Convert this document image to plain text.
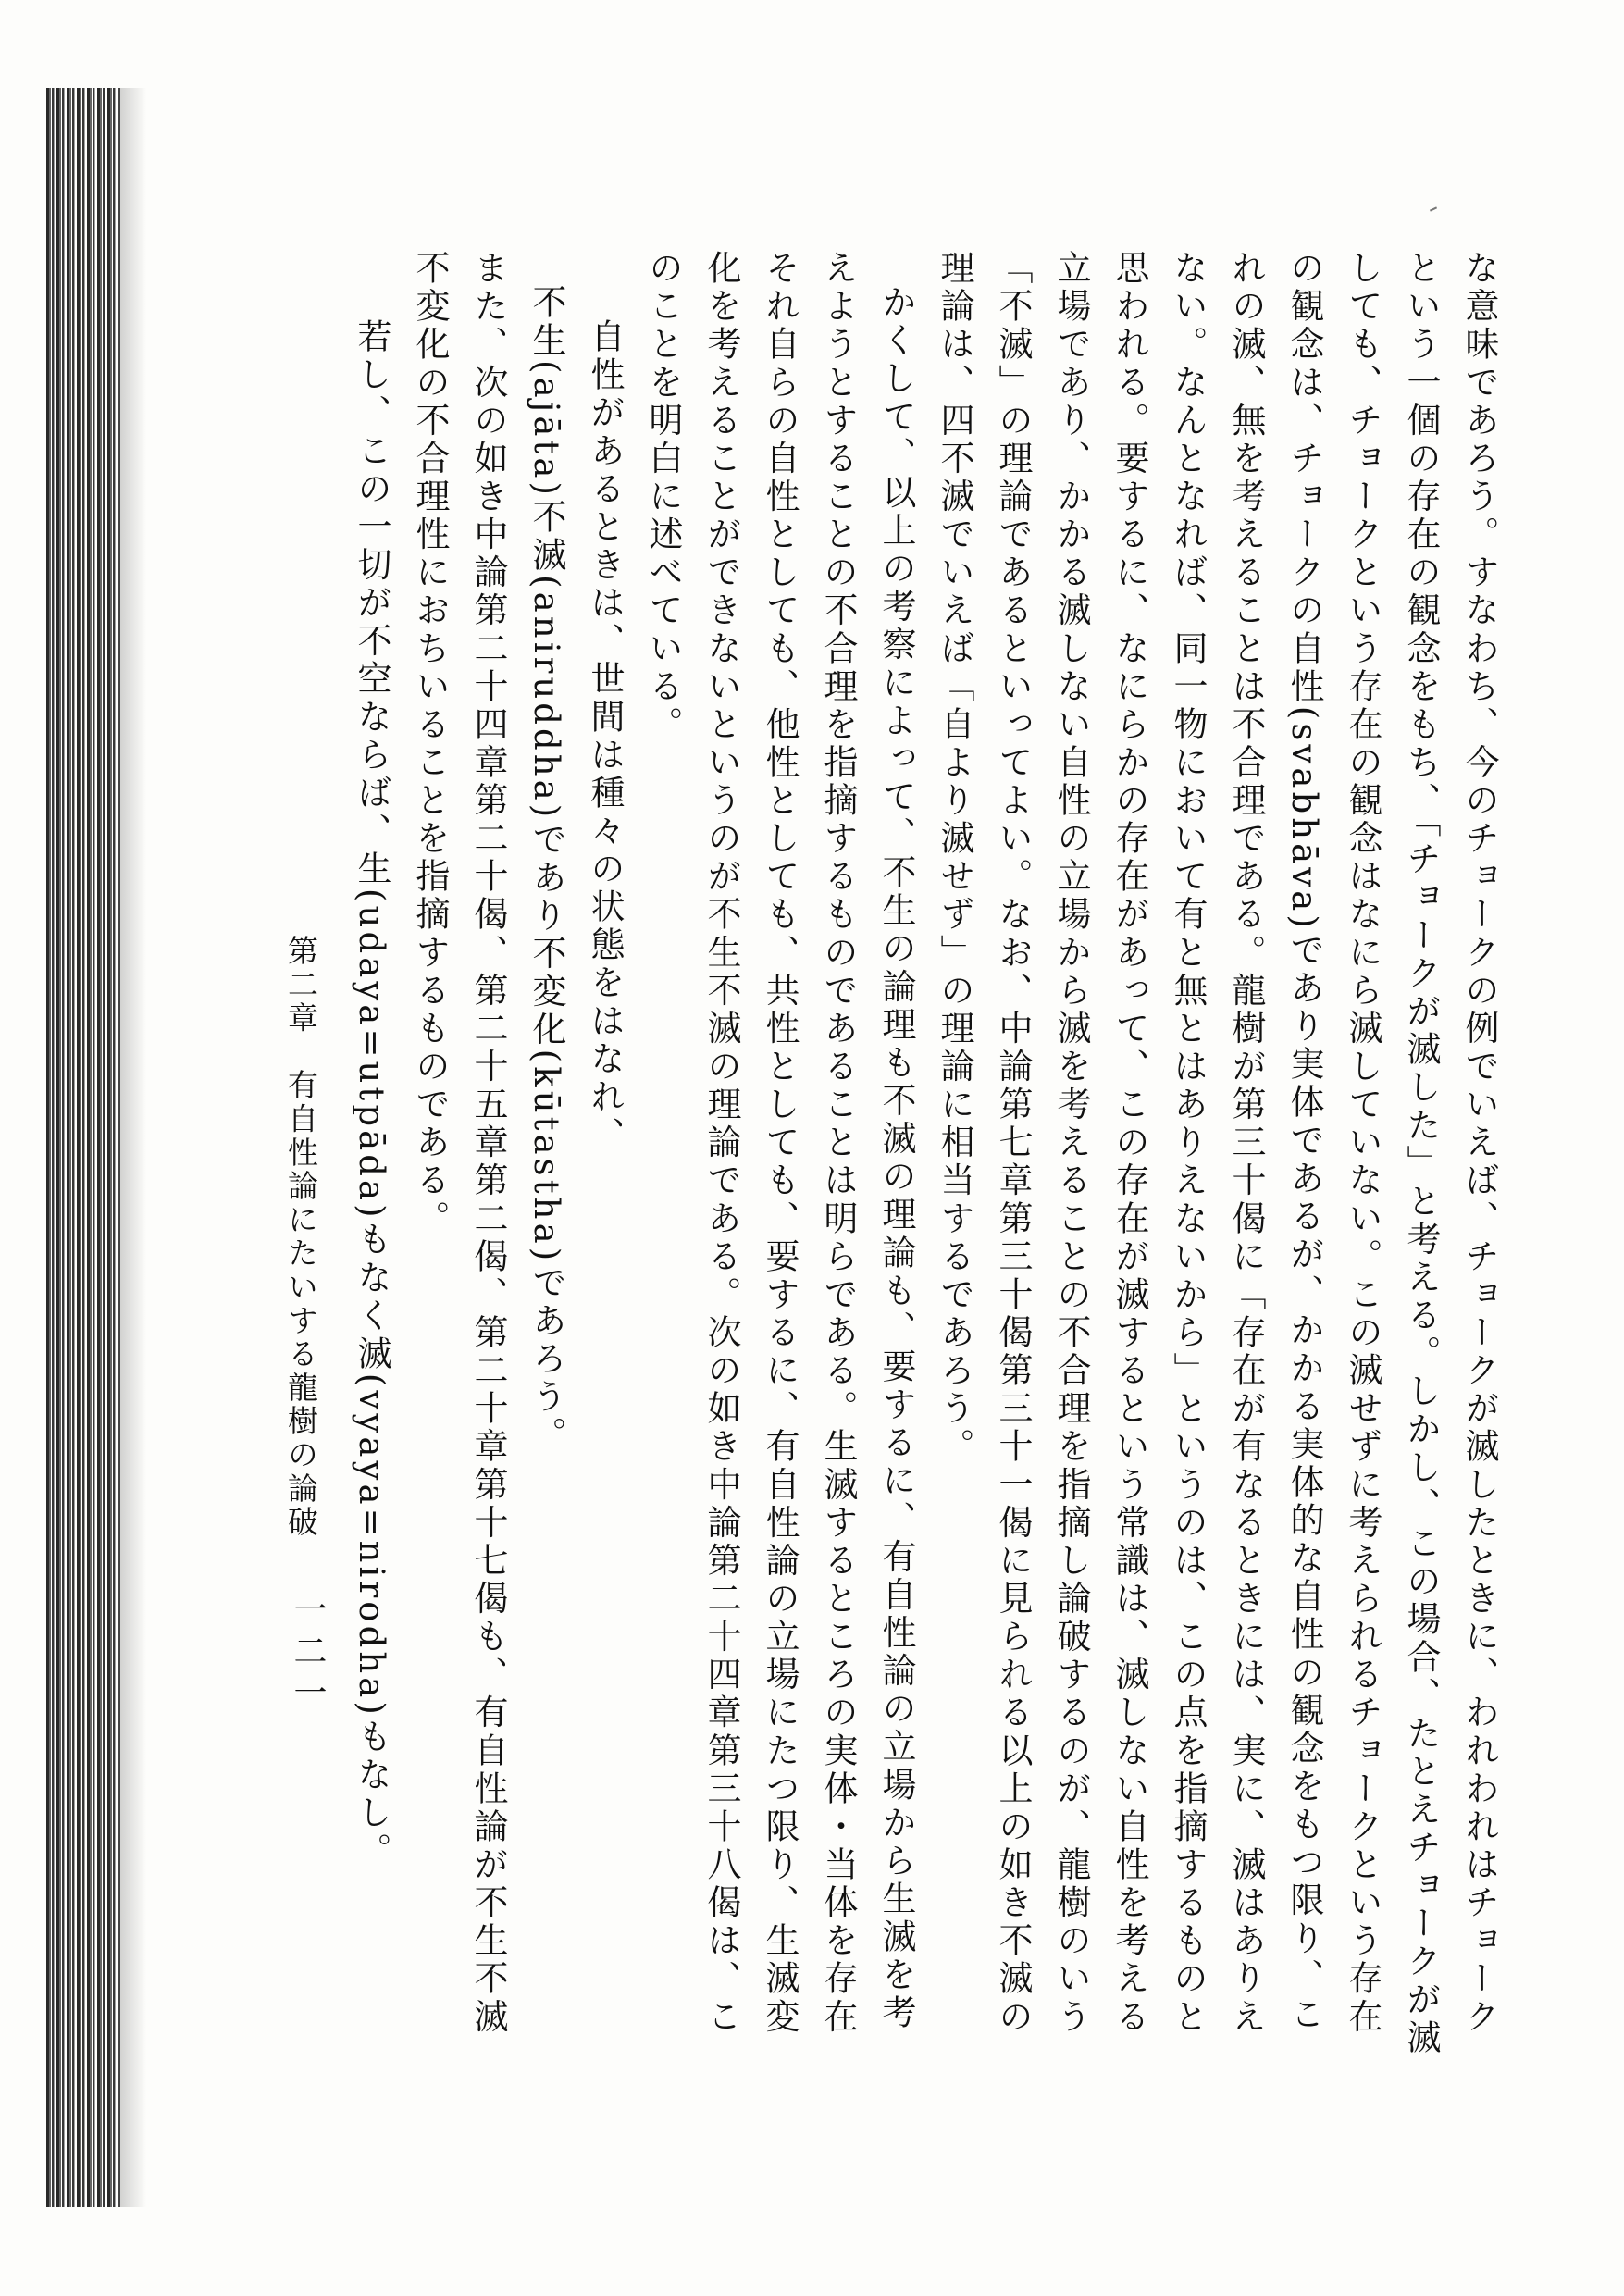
な意味であろう。すなわち、今のチョークの例でいえば、チョークが滅したときに、われわれはチョークという一個の存在の観念をもち、「チョークが滅した」と考える。しかし、この場合、たとえチョークが滅しても、チョークという存在の観念はなにら滅していない。この滅せずに考えられるチョークという存在の観念は、チョークの自性(svabhāva)であり実体であるが、かかる実体的な自性の観念をもつ限り、これの滅、無を考えることは不合理である。龍樹が第三十偈に「存在が有なるときには、実に、滅はありえない。なんとなれば、同一物において有と無とはありえないから」というのは、この点を指摘するものと思われる。要するに、なにらかの存在があって、この存在が滅するという常識は、滅しない自性を考える立場であり、かかる滅しない自性の立場から滅を考えることの不合理を指摘し論破するのが、龍樹のいう「不滅」の理論であるといってよい。なお、中論第七章第三十偈第三十一偈に見られる以上の如き不滅の理論は、四不滅でいえば「自より滅せず」の理論に相当するであろう。

かくして、以上の考察によって、不生の論理も不滅の理論も、要するに、有自性論の立場から生滅を考えようとすることの不合理を指摘するものであることは明らである。生滅するところの実体・当体を存在それ自らの自性としても、他性としても、共性としても、要するに、有自性論の立場にたつ限り、生滅変化を考えることができないというのが不生不滅の理論である。次の如き中論第二十四章第三十八偈は、このことを明白に述べている。

自性があるときは、世間は種々の状態をはなれ、

不生(ajāta)不滅(aniruddha)であり不変化(kūtastha)であろう。

また、次の如き中論第二十四章第二十偈、第二十五章第二偈、第二十章第十七偈も、有自性論が不生不滅不変化の不合理性におちいることを指摘するものである。

若し、この一切が不空ならば、生(udaya=utpāda)もなく滅(vyaya=nirodha)もなし。

第二章　有自性論にたいする龍樹の論破
一二一
